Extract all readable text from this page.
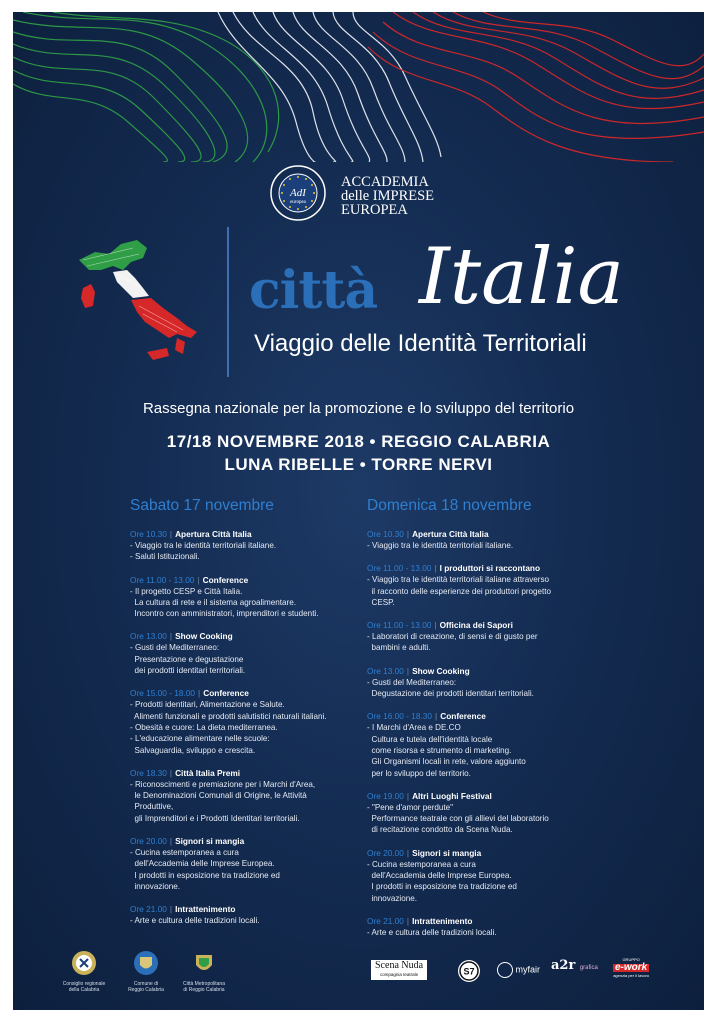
AdI
europea
ACCADEMIA
delle IMPRESE
EUROPEA
città Italia
Viaggio delle Identità Territoriali
Rassegna nazionale per la promozione e lo sviluppo del territorio
17/18 NOVEMBRE 2018 • REGGIO CALABRIA
LUNA RIBELLE • TORRE NERVI
Sabato 17 novembre
Ore 10.30 | Apertura Città Italia
- Viaggio tra le identità territoriali italiane.
- Saluti Istituzionali.
Ore 11.00 - 13.00 | Conference
- Il progetto CESP e Città Italia.
La cultura di rete e il sistema agroalimentare.
Incontro con amministratori, imprenditori e studenti.
Ore 13.00 | Show Cooking
- Gusti del Mediterraneo:
Presentazione e degustazione
dei prodotti identitari territoriali.
Ore 15.00 - 18.00 | Conference
- Prodotti identitari, Alimentazione e Salute.
Alimenti funzionali e prodotti salutistici naturali italiani.
- Obesità e cuore: La dieta mediterranea.
- L'educazione alimentare nelle scuole:
Salvaguardia, sviluppo e crescita.
Ore 18.30 | Città Italia Premi
- Riconoscimenti e premiazione per i Marchi d'Area,
le Denominazioni Comunali di Origine, le Attività
Produttive,
gli Imprenditori e i Prodotti Identitari territoriali.
Ore 20.00 | Signori si mangia
- Cucina estemporanea a cura
dell'Accademia delle Imprese Europea.
I prodotti in esposizione tra tradizione ed
innovazione.
Ore 21.00 | Intrattenimento
- Arte e cultura delle tradizioni locali.
Domenica 18 novembre
Ore 10.30 | Apertura Città Italia
- Viaggio tra le identità territoriali italiane.
Ore 11.00 - 13.00 | I produttori si raccontano
- Viaggio tra le identità territoriali italiane attraverso
il racconto delle esperienze dei produttori progetto
CESP.
Ore 11.00 - 13.00 | Officina dei Sapori
- Laboratori di creazione, di sensi e di gusto per
bambini e adulti.
Ore 13.00 | Show Cooking
- Gusti del Mediterraneo:
Degustazione dei prodotti identitari territoriali.
Ore 16.00 - 18.30 | Conference
- I Marchi d'Area e DE.CO
Cultura e tutela dell'identità locale
come risorsa e strumento di marketing.
Gli Organismi locali in rete, valore aggiunto
per lo sviluppo del territorio.
Ore 19.00 | Altri Luoghi Festival
- "Pene d'amor perdute"
Performance teatrale con gli allievi del laboratorio
di recitazione condotto da Scena Nuda.
Ore 20.00 | Signori si mangia
- Cucina estemporanea a cura
dell'Accademia delle Imprese Europea.
I prodotti in esposizione tra tradizione ed
innovazione.
Ore 21.00 | Intrattenimento
- Arte e cultura delle tradizioni locali.
Consiglio regionale
della Calabria
Comune di
Reggio Calabria
Città Metropolitana
di Reggio Calabria
Scena Nuda
compagnia teatrale	S7	myfair a2r grafica
GRUPPO
e-work
agenzia per il lavoro
